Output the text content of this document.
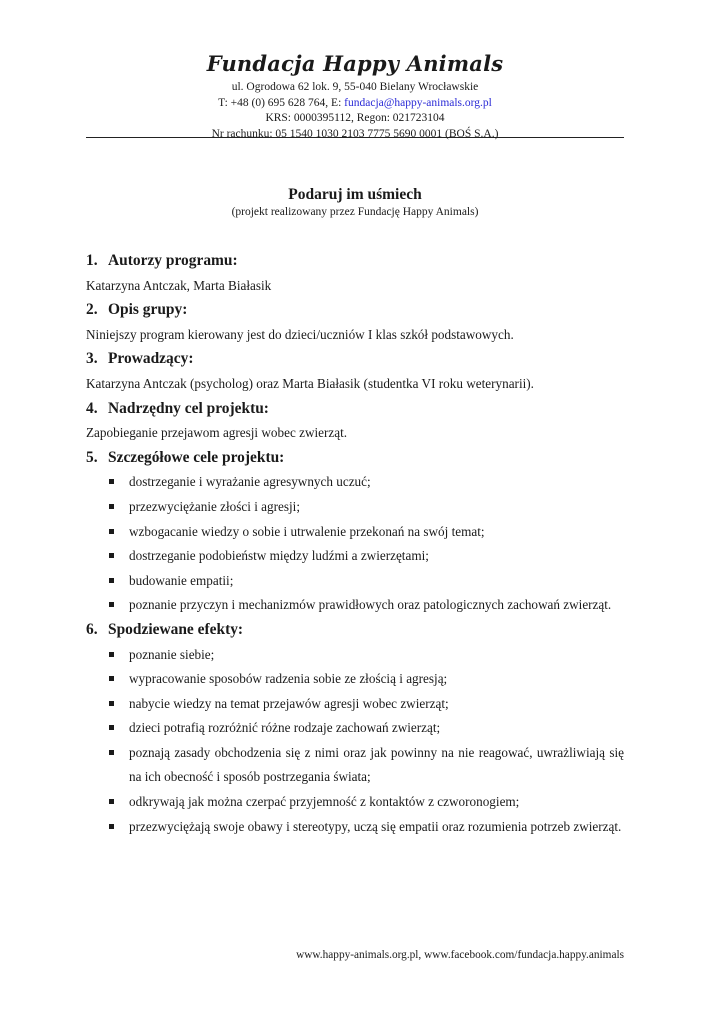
Fundacja Happy Animals

ul. Ogrodowa 62 lok. 9, 55-040 Bielany Wrocławskie

T: +48 (0) 695 628 764, E: fundacja@happy-animals.org.pl

KRS: 0000395112, Regon: 021723104

Nr rachunku: 05 1540 1030 2103 7775 5690 0001 (BOŚ S.A.)

Podaruj im uśmiech

(projekt realizowany przez Fundację Happy Animals)

1. Autorzy programu:

Katarzyna Antczak, Marta Białasik

2. Opis grupy:

Niniejszy program kierowany jest do dzieci/uczniów I klas szkół podstawowych.

3. Prowadzący:

Katarzyna Antczak (psycholog) oraz Marta Białasik (studentka VI roku weterynarii).

4. Nadrzędny cel projektu:

Zapobieganie przejawom agresji wobec zwierząt.

5. Szczegółowe cele projektu:
dostrzeganie i wyrażanie agresywnych uczuć;
przezwyciężanie złości i agresji;
wzbogacanie wiedzy o sobie i utrwalenie przekonań na swój temat;
dostrzeganie podobieństw między ludźmi a zwierzętami;
budowanie empatii;
poznanie przyczyn i mechanizmów prawidłowych oraz patologicznych zachowań zwierząt.
6. Spodziewane efekty:
poznanie siebie;
wypracowanie sposobów radzenia sobie ze złością i agresją;
nabycie wiedzy na temat przejawów agresji wobec zwierząt;
dzieci potrafią rozróżnić różne rodzaje zachowań zwierząt;
poznają zasady obchodzenia się z nimi oraz jak powinny na nie reagować, uwrażliwiają się na ich obecność i sposób postrzegania świata;
odkrywają jak można czerpać przyjemność z kontaktów z czworonogiem;
przezwyciężają swoje obawy i stereotypy, uczą się empatii oraz rozumienia potrzeb zwierząt.
www.happy-animals.org.pl, www.facebook.com/fundacja.happy.animals
